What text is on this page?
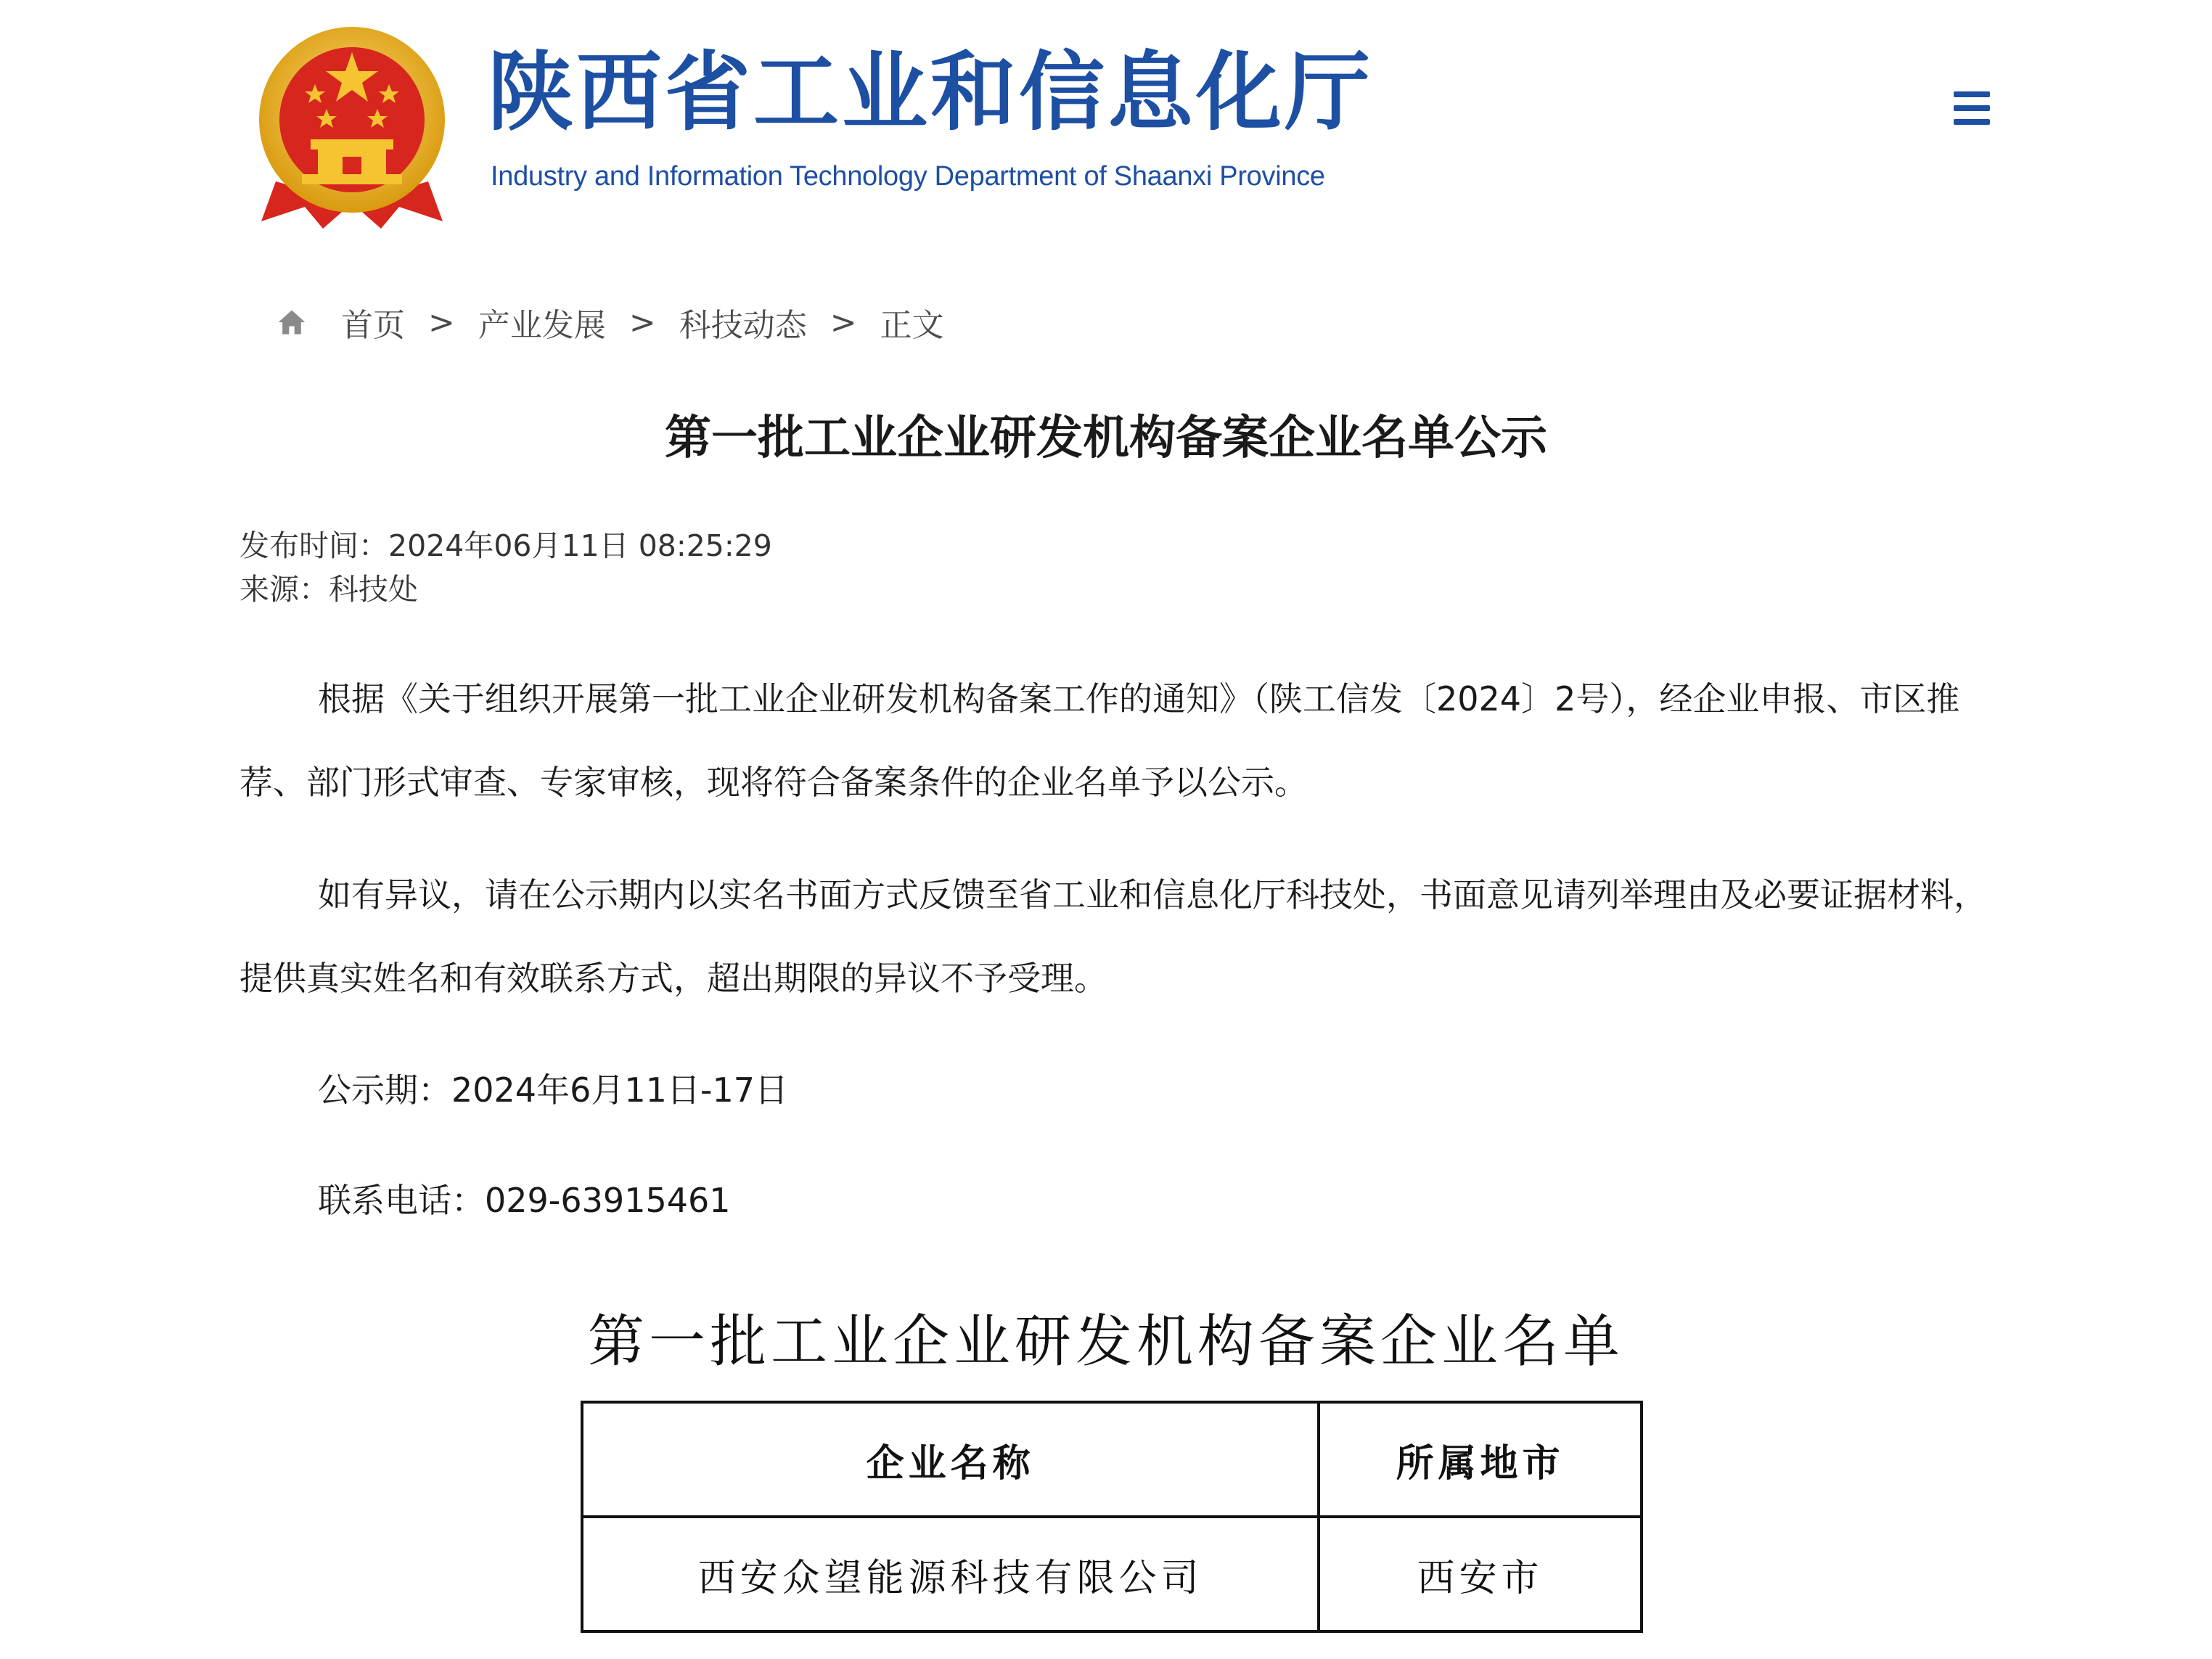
陕西省工业和信息化厅
Industry and Information Technology Department of Shaanxi Province
首页 > 产业发展 > 科技动态 > 正文
第一批工业企业研发机构备案企业名单公示
发布时间：2024年06月11日 08:25:29
来源：科技处

根据《关于组织开展第一批工业企业研发机构备案工作的通知》（陕工信发〔2024〕2号），经企业申报、市区推荐、部门形式审查、专家审核，现将符合备案条件的企业名单予以公示。

如有异议，请在公示期内以实名书面方式反馈至省工业和信息化厅科技处，书面意见请列举理由及必要证据材料，提供真实姓名和有效联系方式，超出期限的异议不予受理。

公示期：2024年6月11日-17日
联系电话：029-63915461
第一批工业企业研发机构备案企业名单
企业名称	所属地市
西安众望能源科技有限公司	西安市
